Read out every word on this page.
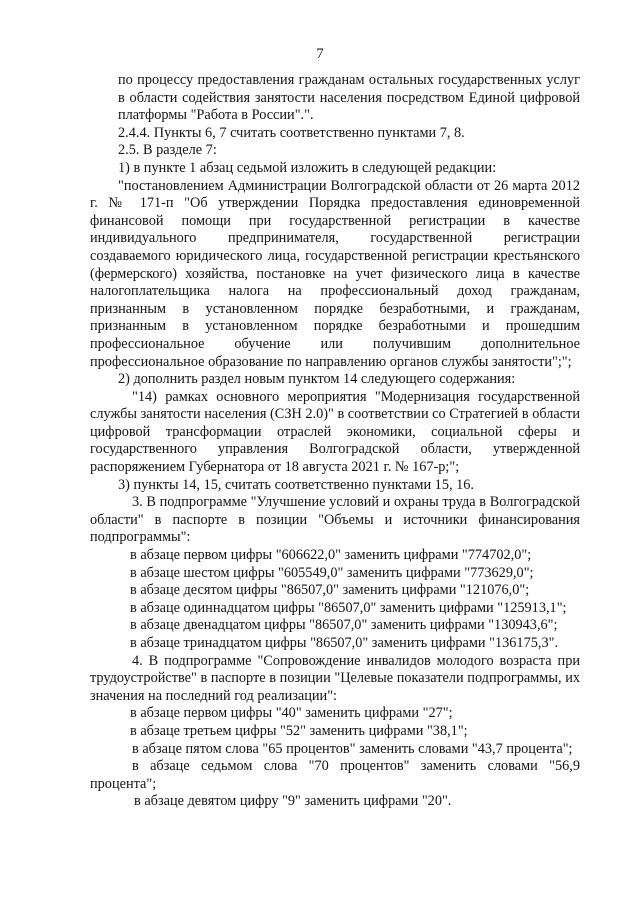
7

по процессу предоставления гражданам остальных государственных услуг в области содействия занятости населения посредством Единой цифровой платформы "Работа в России".".

2.4.4. Пункты 6, 7 считать соответственно пунктами 7, 8.

2.5. В разделе 7:

1) в пункте 1 абзац седьмой изложить в следующей редакции:

"постановлением Администрации Волгоградской области от 26 марта 2012 г. № 171-п "Об утверждении Порядка предоставления единовременной финансовой помощи при государственной регистрации в качестве индивидуального предпринимателя, государственной регистрации создаваемого юридического лица, государственной регистрации крестьянского (фермерского) хозяйства, постановке на учет физического лица в качестве налогоплательщика налога на профессиональный доход гражданам, признанным в установленном порядке безработными, и гражданам, признанным в установленном порядке безработными и прошедшим профессиональное обучение или получившим дополнительное профессиональное образование по направлению органов службы занятости";";

2) дополнить раздел новым пунктом 14 следующего содержания:

"14) рамках основного мероприятия "Модернизация государственной службы занятости населения (СЗН 2.0)" в соответствии со Стратегией в области цифровой трансформации отраслей экономики, социальной сферы и государственного управления Волгоградской области, утвержденной распоряжением Губернатора от 18 августа 2021 г. № 167-р;";

3) пункты 14, 15, считать соответственно пунктами 15, 16.

3. В подпрограмме "Улучшение условий и охраны труда в Волгоградской области" в паспорте в позиции "Объемы и источники финансирования подпрограммы":

в абзаце первом цифры "606622,0" заменить цифрами "774702,0";

в абзаце шестом цифры "605549,0" заменить цифрами "773629,0";

в абзаце десятом цифры "86507,0" заменить цифрами "121076,0";

в абзаце одиннадцатом цифры "86507,0" заменить цифрами "125913,1";

в абзаце двенадцатом цифры "86507,0" заменить цифрами "130943,6";

в абзаце тринадцатом цифры "86507,0" заменить цифрами "136175,3".

4. В подпрограмме "Сопровождение инвалидов молодого возраста при трудоустройстве" в паспорте в позиции "Целевые показатели подпрограммы, их значения на последний год реализации":

в абзаце первом цифры "40" заменить цифрами "27";

в абзаце третьем цифры "52" заменить цифрами "38,1";

в абзаце пятом слова "65 процентов" заменить словами "43,7 процента";

в абзаце седьмом слова "70 процентов" заменить словами "56,9 процента";

в абзаце девятом цифру "9" заменить цифрами "20".
